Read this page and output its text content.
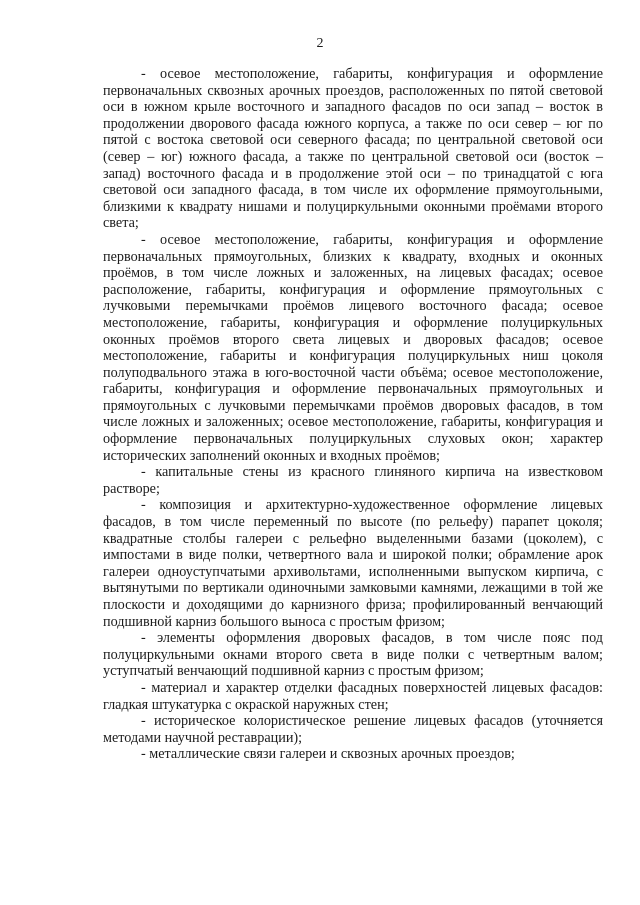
2

- осевое местоположение, габариты, конфигурация и оформление первоначальных сквозных арочных проездов, расположенных по пятой световой оси в южном крыле восточного и западного фасадов по оси запад – восток в продолжении дворового фасада южного корпуса, а также по оси север – юг по пятой с востока световой оси северного фасада; по центральной световой оси (север – юг) южного фасада, а также по центральной световой оси (восток – запад) восточного фасада и в продолжение этой оси – по тринадцатой с юга световой оси западного фасада, в том числе их оформление прямоугольными, близкими к квадрату нишами и полуциркульными оконными проёмами второго света;

- осевое местоположение, габариты, конфигурация и оформление первоначальных прямоугольных, близких к квадрату, входных и оконных проёмов, в том числе ложных и заложенных, на лицевых фасадах; осевое расположение, габариты, конфигурация и оформление прямоугольных с лучковыми перемычками проёмов лицевого восточного фасада; осевое местоположение, габариты, конфигурация и оформление полуциркульных оконных проёмов второго света лицевых и дворовых фасадов; осевое местоположение, габариты и конфигурация полуциркульных ниш цоколя полуподвального этажа в юго-восточной части объёма; осевое местоположение, габариты, конфигурация и оформление первоначальных прямоугольных и прямоугольных с лучковыми перемычками проёмов дворовых фасадов, в том числе ложных и заложенных; осевое местоположение, габариты, конфигурация и оформление первоначальных полуциркульных слуховых окон; характер исторических заполнений оконных и входных проёмов;

- капитальные стены из красного глиняного кирпича на известковом растворе;

- композиция и архитектурно-художественное оформление лицевых фасадов, в том числе переменный по высоте (по рельефу) парапет цоколя; квадратные столбы галереи с рельефно выделенными базами (цоколем), с импостами в виде полки, четвертного вала и широкой полки; обрамление арок галереи одноуступчатыми архивольтами, исполненными выпуском кирпича, с вытянутыми по вертикали одиночными замковыми камнями, лежащими в той же плоскости и доходящими до карнизного фриза; профилированный венчающий подшивной карниз большого выноса с простым фризом;

- элементы оформления дворовых фасадов, в том числе пояс под полуциркульными окнами второго света в виде полки с четвертным валом; уступчатый венчающий подшивной карниз с простым фризом;

- материал и характер отделки фасадных поверхностей лицевых фасадов: гладкая штукатурка с окраской наружных стен;

- историческое колористическое решение лицевых фасадов (уточняется методами научной реставрации);

- металлические связи галереи и сквозных арочных проездов;
